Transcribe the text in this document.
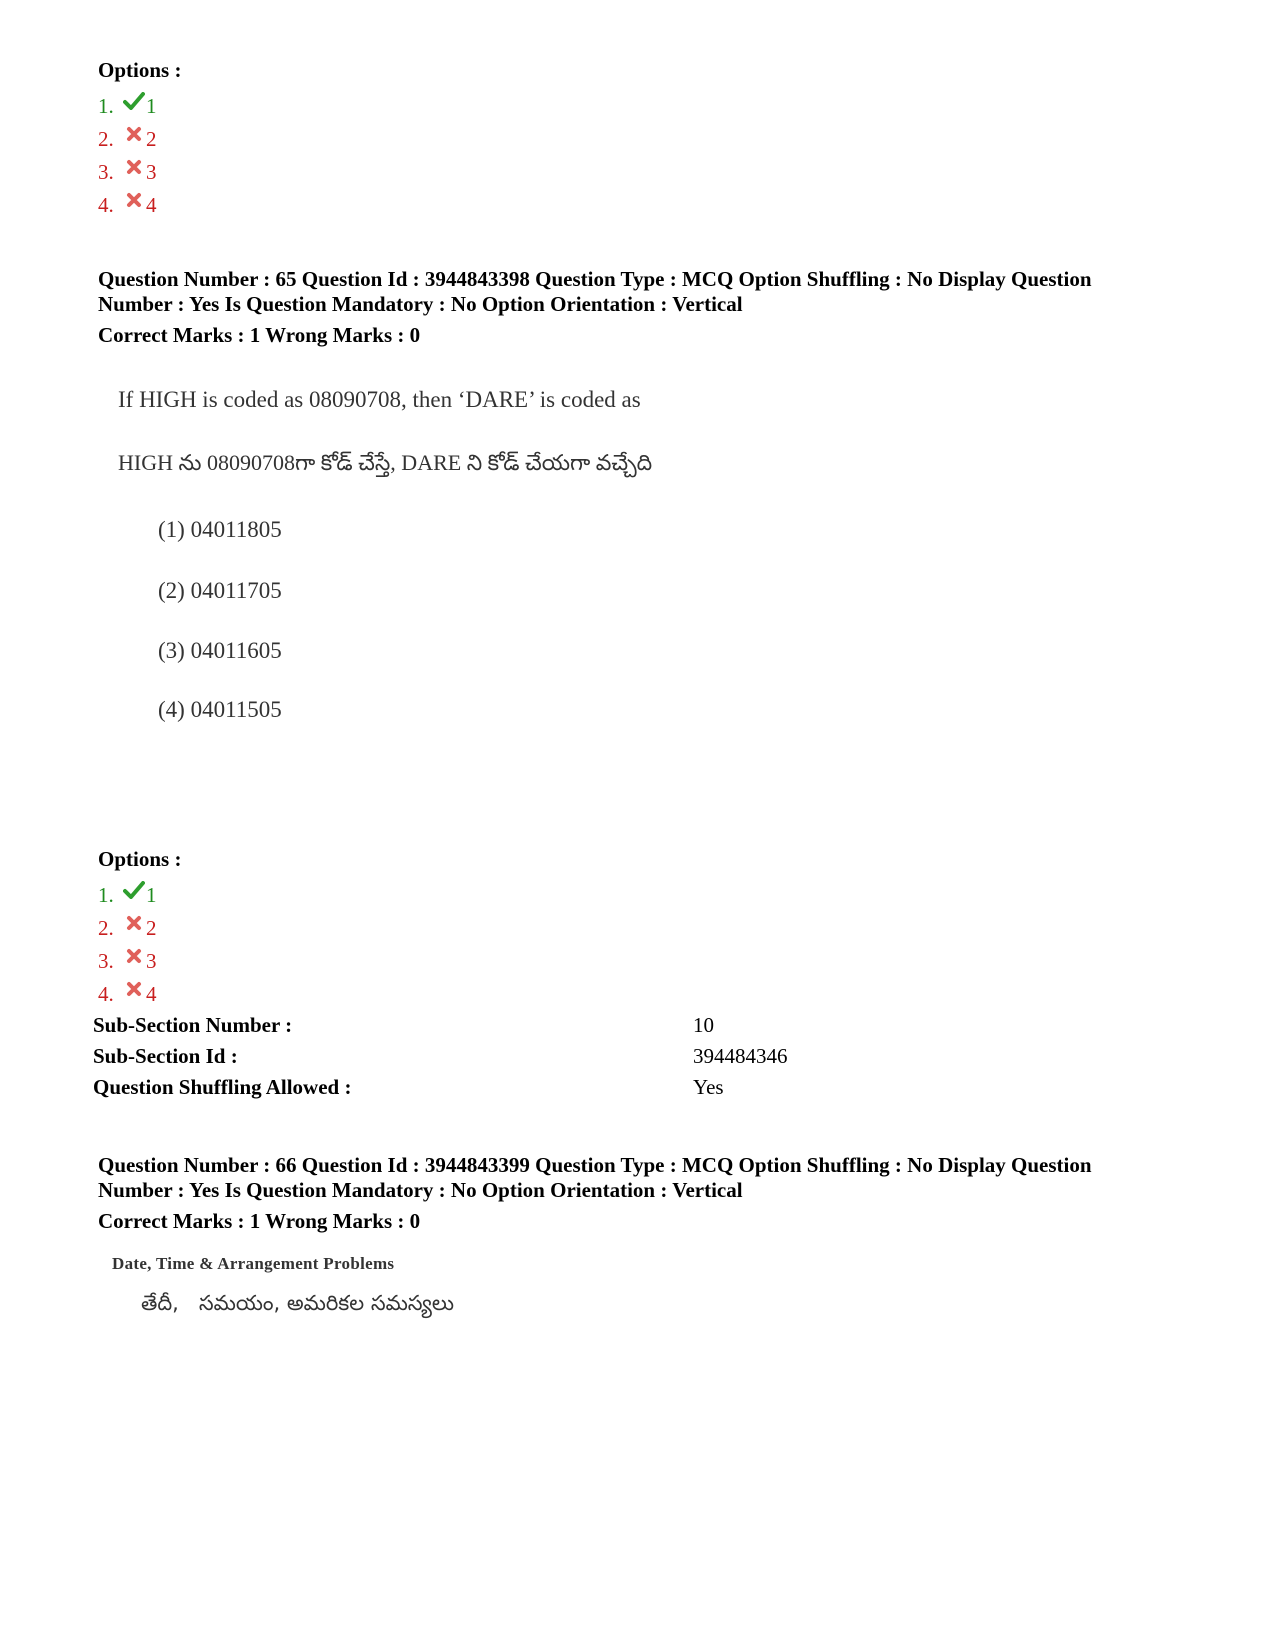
Options :
1.	1
2.	2
3.	3
4.	4
Question Number : 65 Question Id : 3944843398 Question Type : MCQ Option Shuffling : No Display Question
Number : Yes Is Question Mandatory : No Option Orientation : Vertical
Correct Marks : 1 Wrong Marks : 0
If HIGH is coded as 08090708, then ‘DARE’ is coded as
HIGH ను 08090708గా కోడ్ చేస్తే, DARE ని కోడ్ చేయగా వచ్చేది
(1) 04011805
(2) 04011705
(3) 04011605
(4) 04011505
Options :
1.	1
2.	2
3.	3
4.	4
Sub-Section Number :	10
Sub-Section Id :	394484346
Question Shuffling Allowed :	Yes
Question Number : 66 Question Id : 3944843399 Question Type : MCQ Option Shuffling : No Display Question
Number : Yes Is Question Mandatory : No Option Orientation : Vertical
Correct Marks : 1 Wrong Marks : 0
Date, Time & Arrangement Problems
తేదీ,   సమయం, అమరికల సమస్యలు
